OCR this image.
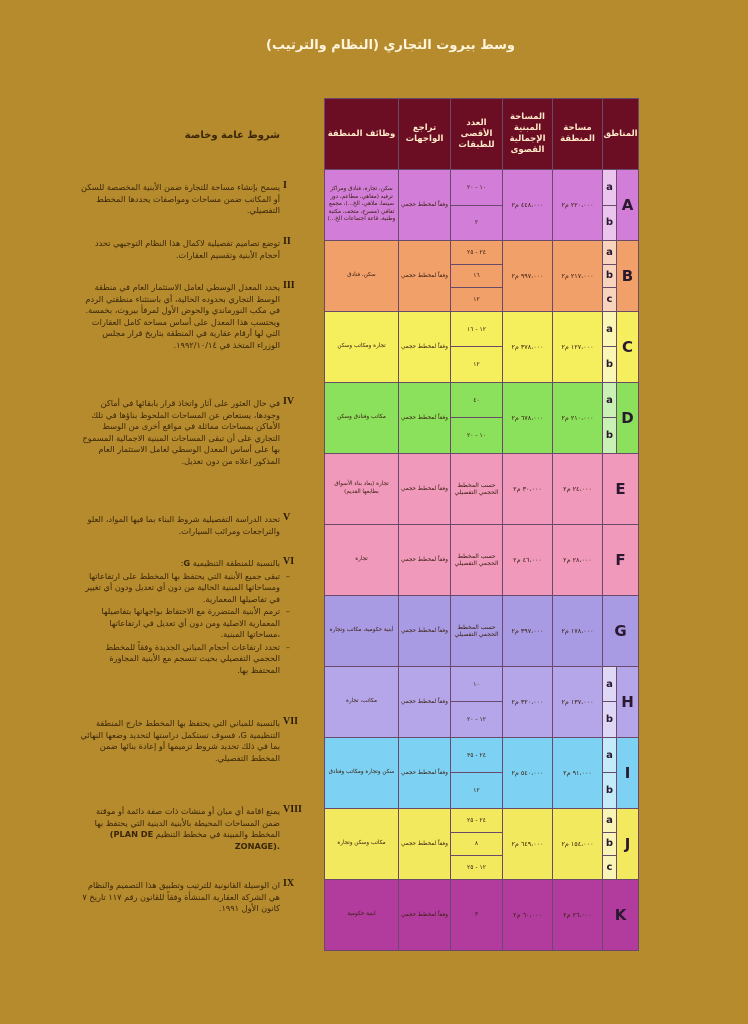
وسط بيروت التجاري (النظام والترتيب)
شروط عامة وخاصة
I
يسمح بإنشاء مساحة للتجارة ضمن الأبنية المخصصة للسكن أو المكاتب ضمن مساحات ومواصفات يحددها المخطط التفصيلي.
II
توضع تصاميم تفصيلية لاكمال هذا النظام التوجيهي تحدد أحجام الأبنية وتقسيم العقارات.
III
يحدد المعدل الوسطي لعامل الاستثمار العام في منطقة الوسط التجاري بحدوده الحالية، أي باستثناء منطقتي الردم في مكب النورماندي والحوض الأول لمرفأ بيروت، بخمسة. ويحتسب هذا المعدل على أساس مساحة كامل العقارات التي لها أرقام عقارية في المنطقة بتاريخ قرار مجلس الوزراء المتخذ في ١٩٩٢/١٠/١٤.
IV
في حال العثور على آثار واتخاذ قرار بابقائها في أماكن وجودها، يستعاض عن المساحات الملحوظ بناؤها في تلك الأماكن بمساحات مماثلة في مواقع أخرى من الوسط التجاري على أن تبقى المساحات المبنية الاجمالية المسموح بها على أساس المعدل الوسطي لعامل الاستثمار العام المذكور اعلاه من دون تعديل.
V
تحدد الدراسة التفصيلية شروط البناء بما فيها المواد، العلو والتراجعات ومرائب السيارات.
VI
بالنسبة للمنطقة التنظيمية G:
تبقى جميع الأبنية التي يحتفظ بها المخطط على ارتفاعاتها ومساحاتها المبنية الحالية من دون أي تعديل ودون أي تغيير في تفاصيلها المعمارية. –
ترمم الأبنية المتضررة مع الاحتفاظ بواجهاتها بتفاصيلها المعمارية الاصلية ومن دون أي تعديل في ارتفاعاتها ،مساحاتها المبنية. –
تحدد ارتفاعات أحجام المباني الجديدة وفقاً للمخطط الحجمي التفصيلي بحيث تنسجم مع الأبنية المجاورة المحتفظ بها. –
VII
بالنسبة للمباني التي يحتفظ بها المخطط خارج المنطقة التنظيمية G، فسوف تستكمل دراستها لتحديد وضعها النهائي بما في ذلك تحديد شروط ترميمها أو إعادة بنائها ضمن المخطط التفصيلي.
VIII
يمنع اقامة أي مبان أو منشات ذات صفة دائمة أو موقتة ضمن المساحات المحيطة بالأبنية الدينية التي يحتفظ بها المخطط والمبينة في مخطط التنظيم (PLAN DE ZONAGE).
IX
ان الوسيلة القانونية للترتيب وتطبيق هذا التصميم والنظام هي الشركة العقارية المنشأة وفقاً للقانون رقم ١١٧ تاريخ ٧ كانون الأول ١٩٩١.
وظائف المنطقة	تراجع الواجهات	العدد الأقصى للطبقات	المساحة المبنية الإجمالية القصوى	مساحة المنطقة	المناطق	
سكن، تجارة، فنادق ومراكز ترفيه (مقاهي، مطاعم، دور سينما، ملاهي، الخ...)، مجمع ثقافي (مسرح، متحف، مكتبة وطنية، قاعة اجتماعات الخ...)	وفقاً لمخطط حجمي	١٠ - ٢٠	٤٤٨،٠٠٠ م٢	٢٢٠،٠٠٠ م٢	a	A
		٢			b	
سكن، فنادق	وفقاً لمخطط حجمي	٢٤ - ٢٥	٩٩٧،٠٠٠ م٢	٢١٧،٠٠٠ م٢	a	B
		١٦			b	
		١٢			c	
تجارة ومكاتب وسكن	وفقاً لمخطط حجمي	١٢ - ١٦	٣٧٨،٠٠٠ م٢	١٢٧،٠٠٠ م٢	a	C
		١٢			b	
مكاتب وفنادق وسكن	وفقاً لمخطط حجمي	٤٠	٦٧٨،٠٠٠ م٢	٢١٠،٠٠٠ م٢	a	D
		١٠ - ٢٠			b	
تجارة (بعاد بناء الأسواق بطابعها القديم)	وفقاً لمخطط حجمي	حسب المخطط الحجمي التفصيلي	٣٠،٠٠٠ م٢	٢٤،٠٠٠ م٢	E	
تجارة	وفقاً لمخطط حجمي	حسب المخطط الحجمي التفصيلي	٤٦،٠٠٠ م٢	٢٨،٠٠٠ م٢	F	
أبنية حكومية، مكاتب وتجارة	وفقاً لمخطط حجمي	حسب المخطط الحجمي التفصيلي	٣٩٧،٠٠٠ م٢	١٧٨،٠٠٠ م٢	G	
مكاتب، تجارة	وفقاً لمخطط حجمي	١٠	٣٢٠،٠٠٠ م٢	١٣٧،٠٠٠ م٢	a	H
		١٢ - ٢٠			b	
سكن وتجارة ومكاتب وفنادق	وفقاً لمخطط حجمي	٢٤ - ٣٥	٥٤٠،٠٠٠ م٢	٩١،٠٠٠ م٢	a	I
		١٢			b	
مكاتب وسكن وتجارة	وفقاً لمخطط حجمي	٢٤ - ٢٥	٦٤٩،٠٠٠ م٢	١٥٤،٠٠٠ م٢	a	J
		٨			b	
		١٢ - ٢٥			c	
ابنية حكومية	وفقاً لمخطط حجمي	٣	٦٠،٠٠٠ م٢	٢٦،٠٠٠ م٢	K	
